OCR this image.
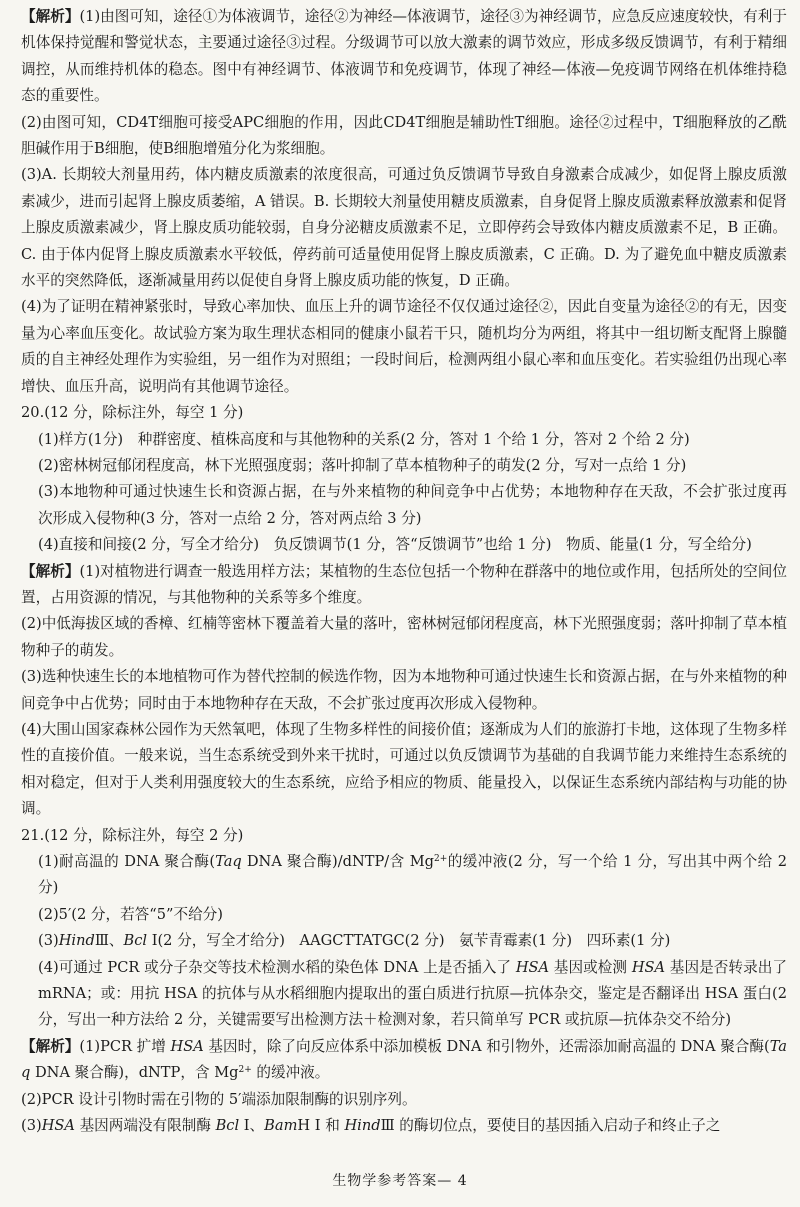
【解析】(1)由图可知，途径①为体液调节，途径②为神经—体液调节，途径③为神经调节，应急反应速度较快，有利于机体保持觉醒和警觉状态，主要通过途径③过程。分级调节可以放大激素的调节效应，形成多级反馈调节，有利于精细调控，从而维持机体的稳态。图中有神经调节、体液调节和免疫调节，体现了神经—体液—免疫调节网络在机体维持稳态的重要性。

(2)由图可知，CD4T细胞可接受APC细胞的作用，因此CD4T细胞是辅助性T细胞。途径②过程中，T细胞释放的乙酰胆碱作用于B细胞，使B细胞增殖分化为浆细胞。

(3)A. 长期较大剂量用药，体内糖皮质激素的浓度很高，可通过负反馈调节导致自身激素合成减少，如促肾上腺皮质激素减少，进而引起肾上腺皮质萎缩，A 错误。B. 长期较大剂量使用糖皮质激素，自身促肾上腺皮质激素释放激素和促肾上腺皮质激素减少，肾上腺皮质功能较弱，自身分泌糖皮质激素不足，立即停药会导致体内糖皮质激素不足，B 正确。C. 由于体内促肾上腺皮质激素水平较低，停药前可适量使用促肾上腺皮质激素，C 正确。D. 为了避免血中糖皮质激素水平的突然降低，逐渐减量用药以促使自身肾上腺皮质功能的恢复，D 正确。

(4)为了证明在精神紧张时，导致心率加快、血压上升的调节途径不仅仅通过途径②，因此自变量为途径②的有无，因变量为心率血压变化。故试验方案为取生理状态相同的健康小鼠若干只，随机均分为两组，将其中一组切断支配肾上腺髓质的自主神经处理作为实验组，另一组作为对照组；一段时间后，检测两组小鼠心率和血压变化。若实验组仍出现心率增快、血压升高，说明尚有其他调节途径。

20.(12 分，除标注外，每空 1 分)

(1)样方(1分)　种群密度、植株高度和与其他物种的关系(2 分，答对 1 个给 1 分，答对 2 个给 2 分)

(2)密林树冠郁闭程度高，林下光照强度弱；落叶抑制了草本植物种子的萌发(2 分，写对一点给 1 分)

(3)本地物种可通过快速生长和资源占据，在与外来植物的种间竞争中占优势；本地物种存在天敌，不会扩张过度再次形成入侵物种(3 分，答对一点给 2 分，答对两点给 3 分)

(4)直接和间接(2 分，写全才给分)　负反馈调节(1 分，答“反馈调节”也给 1 分)　物质、能量(1 分，写全给分)

【解析】(1)对植物进行调查一般选用样方法；某植物的生态位包括一个物种在群落中的地位或作用，包括所处的空间位置，占用资源的情况，与其他物种的关系等多个维度。

(2)中低海拔区域的香樟、红楠等密林下覆盖着大量的落叶，密林树冠郁闭程度高，林下光照强度弱；落叶抑制了草本植物种子的萌发。

(3)选种快速生长的本地植物可作为替代控制的候选作物，因为本地物种可通过快速生长和资源占据，在与外来植物的种间竞争中占优势；同时由于本地物种存在天敌，不会扩张过度再次形成入侵物种。

(4)大围山国家森林公园作为天然氧吧，体现了生物多样性的间接价值；逐渐成为人们的旅游打卡地，这体现了生物多样性的直接价值。一般来说，当生态系统受到外来干扰时，可通过以负反馈调节为基础的自我调节能力来维持生态系统的相对稳定，但对于人类利用强度较大的生态系统，应给予相应的物质、能量投入，以保证生态系统内部结构与功能的协调。

21.(12 分，除标注外，每空 2 分)

(1)耐高温的 DNA 聚合酶(Taq DNA 聚合酶)/dNTP/含 $Mg^{2+}$的缓冲液(2 分，写一个给 1 分，写出其中两个给 2 分)

(2)5′(2 分，若答“5”不给分)

(3)HindⅢ、Bcl Ⅰ(2 分，写全才给分)　AAGCTTATGC(2 分)　氨苄青霉素(1 分)　四环素(1 分)

(4)可通过 PCR 或分子杂交等技术检测水稻的染色体 DNA 上是否插入了 HSA 基因或检测 HSA 基因是否转录出了 mRNA；或：用抗 HSA 的抗体与从水稻细胞内提取出的蛋白质进行抗原—抗体杂交，鉴定是否翻译出 HSA 蛋白(2 分，写出一种方法给 2 分，关键需要写出检测方法＋检测对象，若只简单写 PCR 或抗原—抗体杂交不给分)

【解析】(1)PCR 扩增 HSA 基因时，除了向反应体系中添加模板 DNA 和引物外，还需添加耐高温的 DNA 聚合酶(Taq DNA 聚合酶)，dNTP，含 $Mg^{2+}$ 的缓冲液。

(2)PCR 设计引物时需在引物的 5′端添加限制酶的识别序列。

(3)HSA 基因两端没有限制酶 Bcl Ⅰ、BamH Ⅰ 和 HindⅢ 的酶切位点，要使目的基因插入启动子和终止子之

生物学参考答案— 4
